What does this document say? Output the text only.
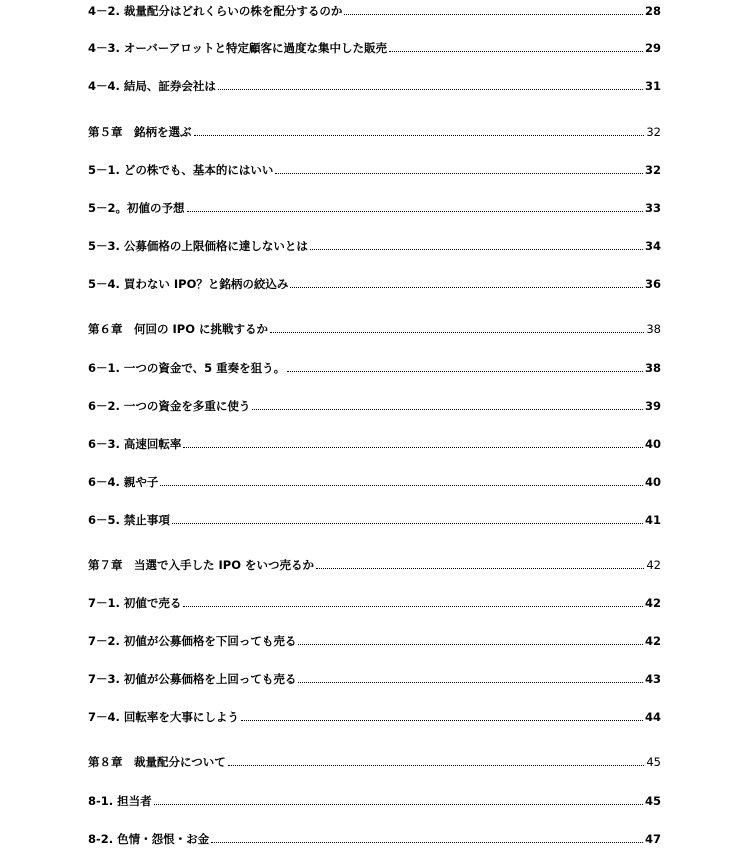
4－2. 裁量配分はどれくらいの株を配分するのか	28
4－3. オーバーアロットと特定顧客に過度な集中した販売	29
4－4. 結局、証券会社は	31
第５章　銘柄を選ぶ	32
5－1. どの株でも、基本的にはいい	32
5－2。初値の予想	33
5－3. 公募価格の上限価格に達しないとは	34
5－4. 買わない IPO？と銘柄の絞込み	36
第６章　何回の IPO に挑戦するか	38
6－1. 一つの資金で、5 重奏を狙う。	38
6－2. 一つの資金を多重に使う	39
6－3. 高速回転率	40
6－4. 親や子	40
6－5. 禁止事項	41
第７章　当選で入手した IPO をいつ売るか	42
7－1. 初値で売る	42
7－2. 初値が公募価格を下回っても売る	42
7－3. 初値が公募価格を上回っても売る	43
7－4. 回転率を大事にしよう	44
第８章　裁量配分について	45
8-1. 担当者	45
8-2. 色情・怨恨・お金	47
